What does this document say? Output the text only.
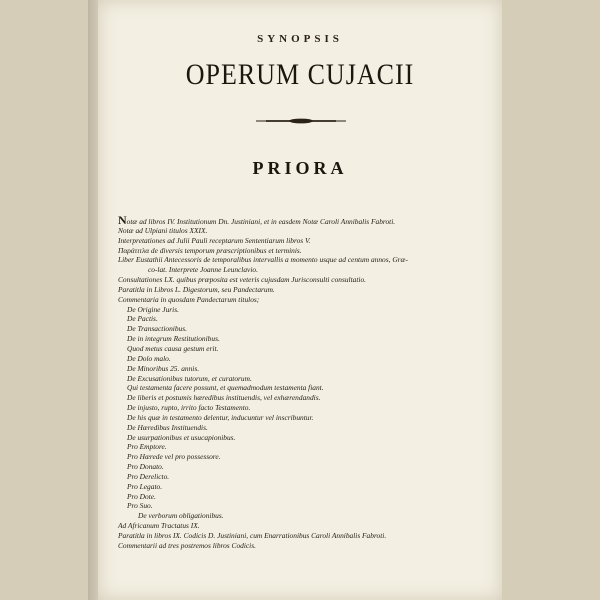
SYNOPSIS
OPERUM CUJACII
PRIORA
Notæ ad libros IV. Institutionum Dn. Justiniani, et in easdem Notæ Caroli Annibalis Fabroti.
Notæ ad Ulpiani titulos XXIX.
Interpretationes ad Julii Pauli receptarum Sententiarum libros V.
Παράτιτλα de diversis temporum præscriptionibus et terminis.
Liber Eustathii Antecessoris de temporalibus intervallis a momento usque ad centum annos, Græ-
co-lat. Interprete Joanne Leunclavio.
Consultationes LX. quibus præposita est veteris cujusdam Jurisconsulti consultatio.
Paratitla in Libros L. Digestorum, seu Pandectarum.
Commentaria in quosdam Pandectarum titulos;
De Origine Juris.
De Pactis.
De Transactionibus.
De in integrum Restitutionibus.
Quod metus causa gestum erit.
De Dolo malo.
De Minoribus 25. annis.
De Excusationibus tutorum, et curatorum.
Qui testamenta facere possunt, et quemadmodum testamenta fiant.
De liberis et postumis hæredibus instituendis, vel exhærendandis.
De injusto, rupto, irrito facto Testamento.
De his quæ in testamento delentur, inducuntur vel inscribuntur.
De Hæredibus Instituendis.
De usurpationibus et usucapionibus.
Pro Emptore.
Pro Hærede vel pro possessore.
Pro Donato.
Pro Derelicto.
Pro Legato.
Pro Dote.
Pro Suo.
De verborum obligationibus.
Ad Africanum Tractatus IX.
Paratitla in libros IX. Codicis D. Justiniani, cum Enarrationibus Caroli Annibalis Fabroti.
Commentarii ad tres postremos libros Codicis.
